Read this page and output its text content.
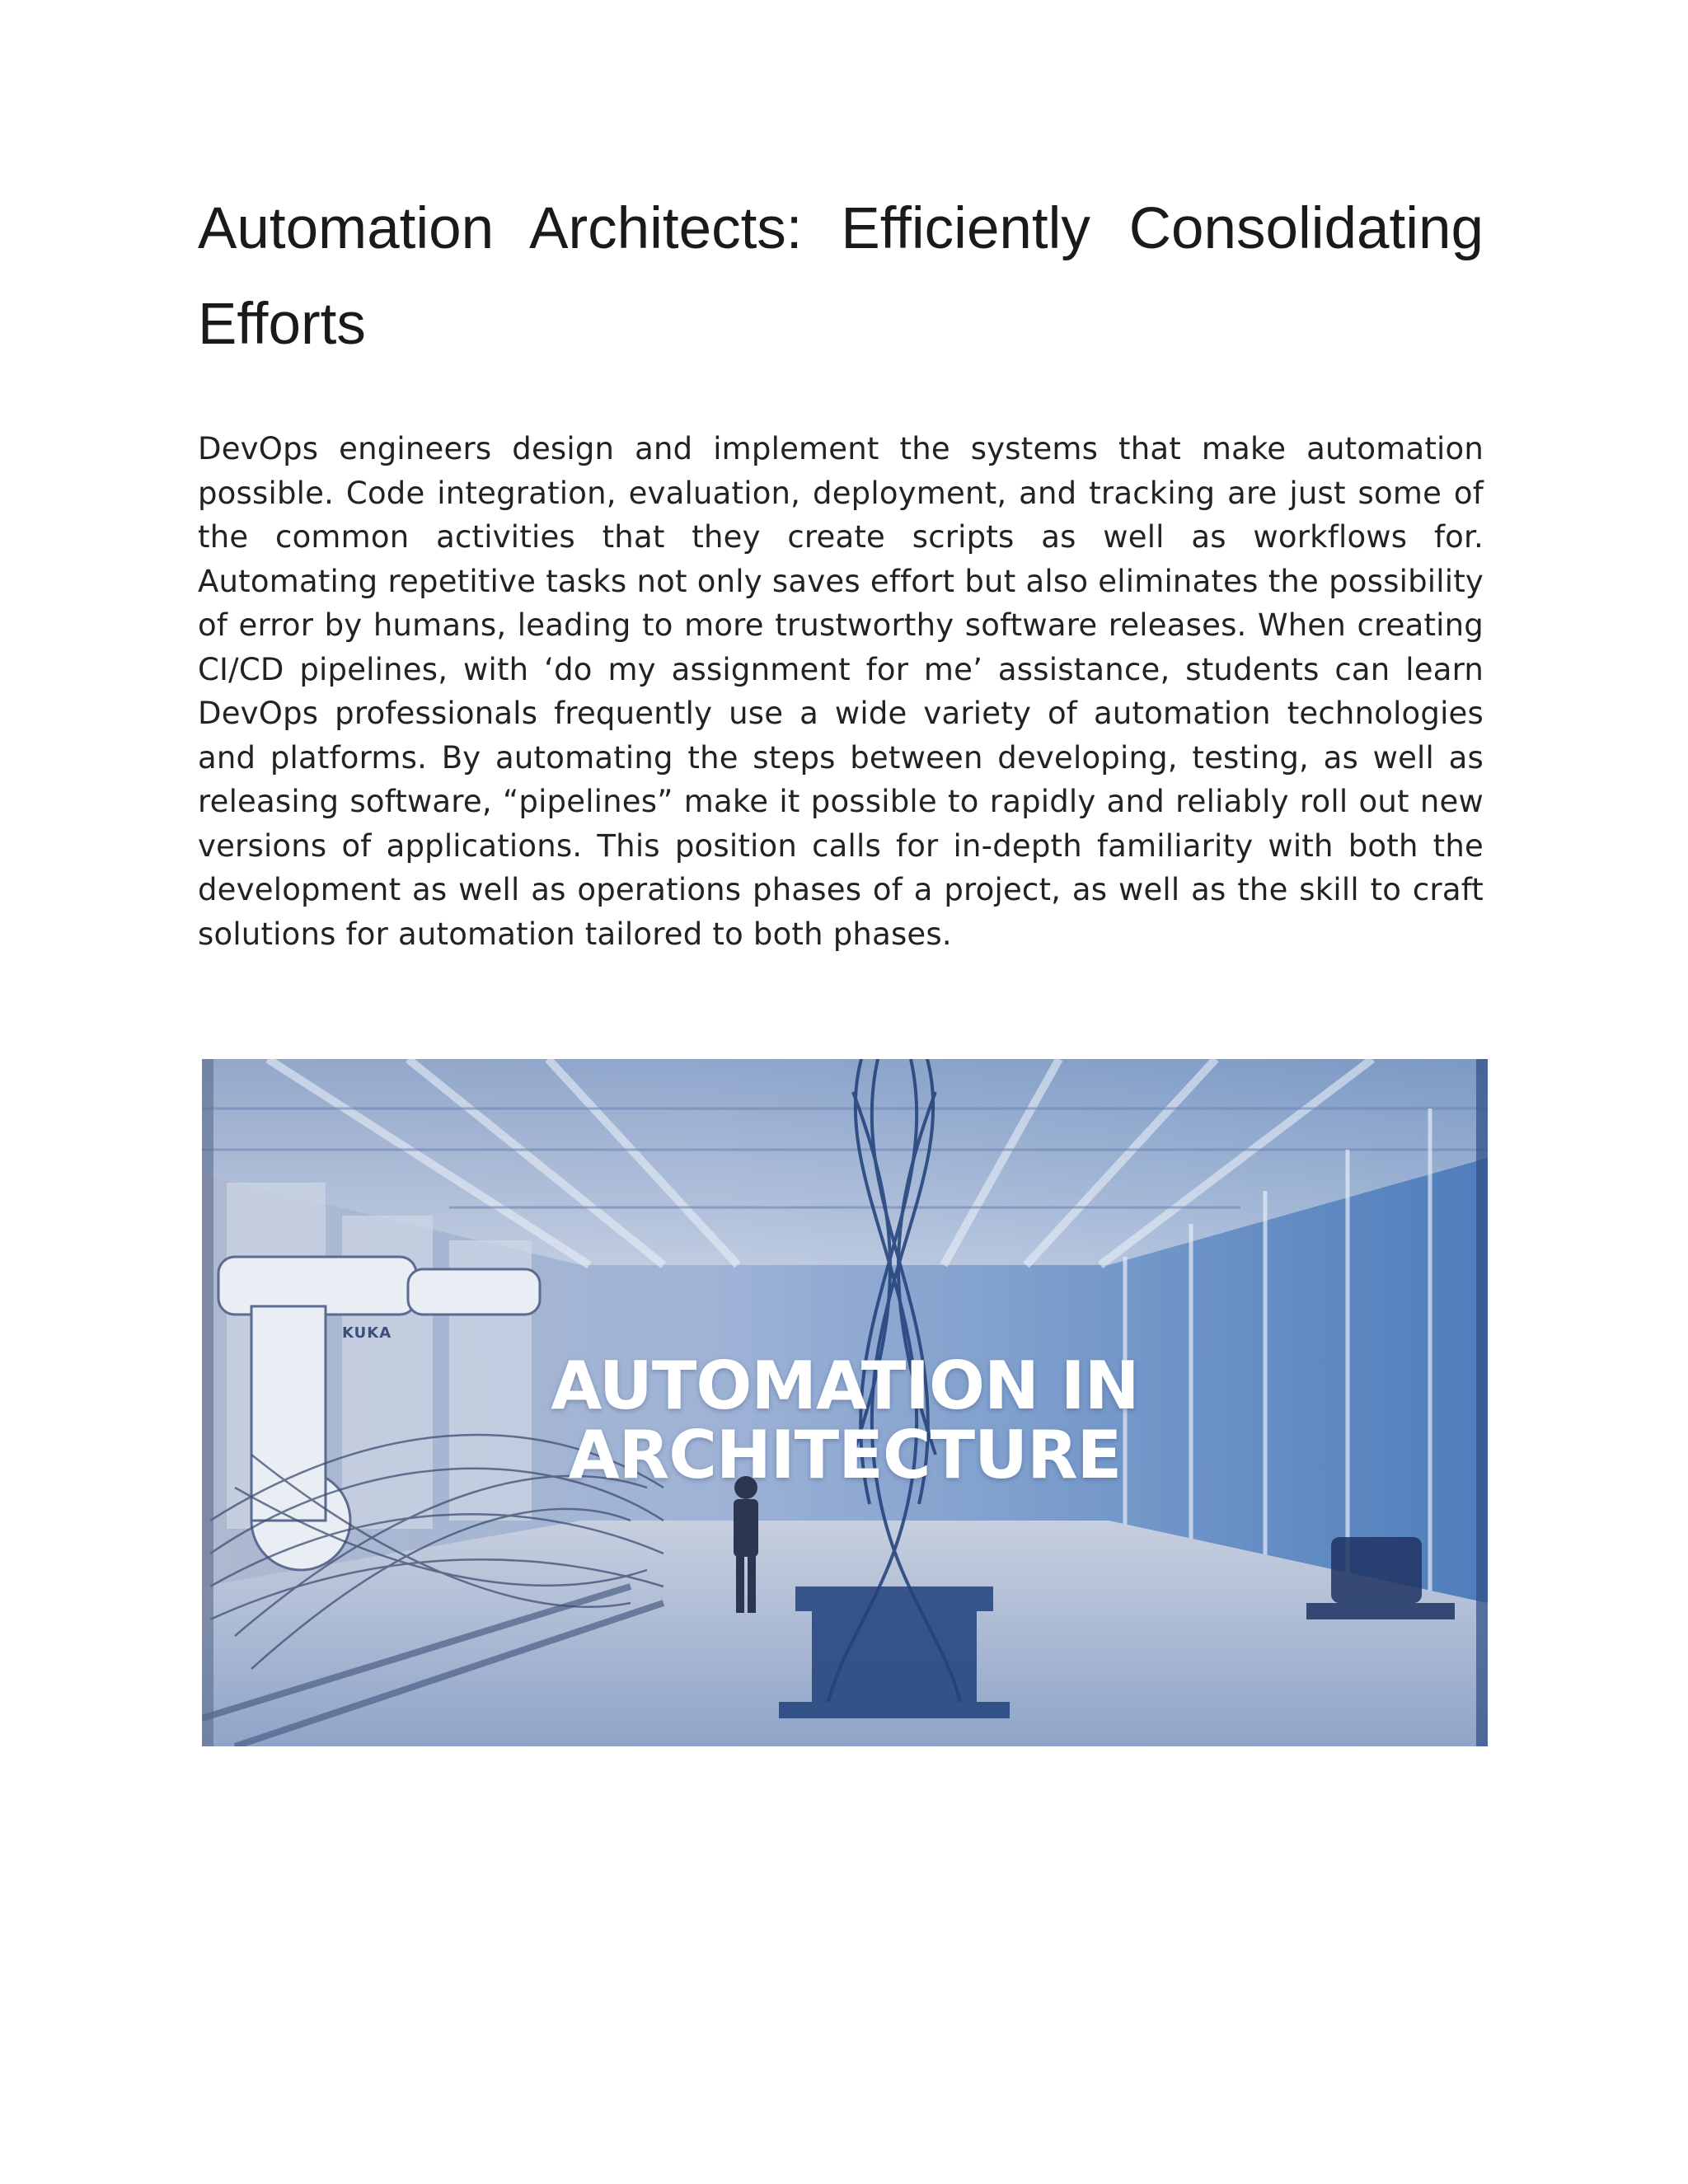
Automation Architects: Efficiently Consolidating Efforts

DevOps engineers design and implement the systems that make automation possible. Code integration, evaluation, deployment, and tracking are just some of the common activities that they create scripts as well as workflows for. Automating repetitive tasks not only saves effort but also eliminates the possibility of error by humans, leading to more trustworthy software releases. When creating CI/CD pipelines, with ‘do my assignment for me’ assistance, students can learn DevOps professionals frequently use a wide variety of automation technologies and platforms. By automating the steps between developing, testing, as well as releasing software, “pipelines” make it possible to rapidly and reliably roll out new versions of applications. This position calls for in-depth familiarity with both the development as well as operations phases of a project, as well as the skill to craft solutions for automation tailored to both phases.

KUKA
AUTOMATION IN
ARCHITECTURE
